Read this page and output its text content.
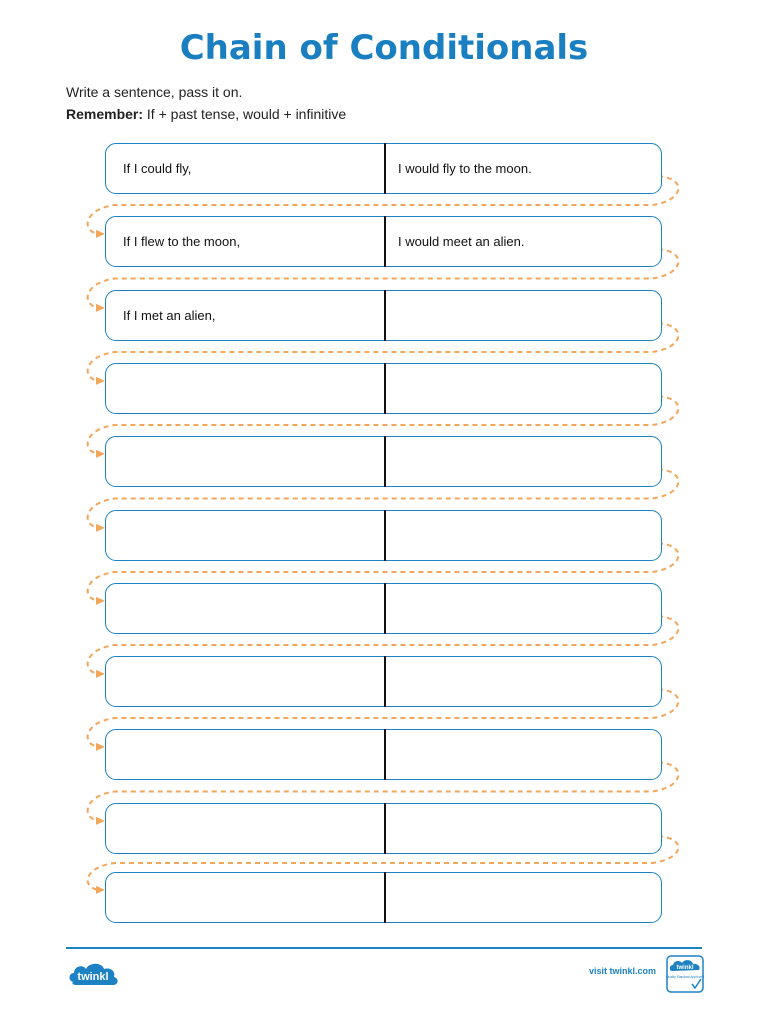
Chain of Conditionals
Write a sentence, pass it on.
Remember: If + past tense, would + infinitive
If I could fly,	I would fly to the moon.
If I flew to the moon,	I would meet an alien.
If I met an alien,
twinkl	visit twinkl.com	twinkl
Quality Standard Approved
